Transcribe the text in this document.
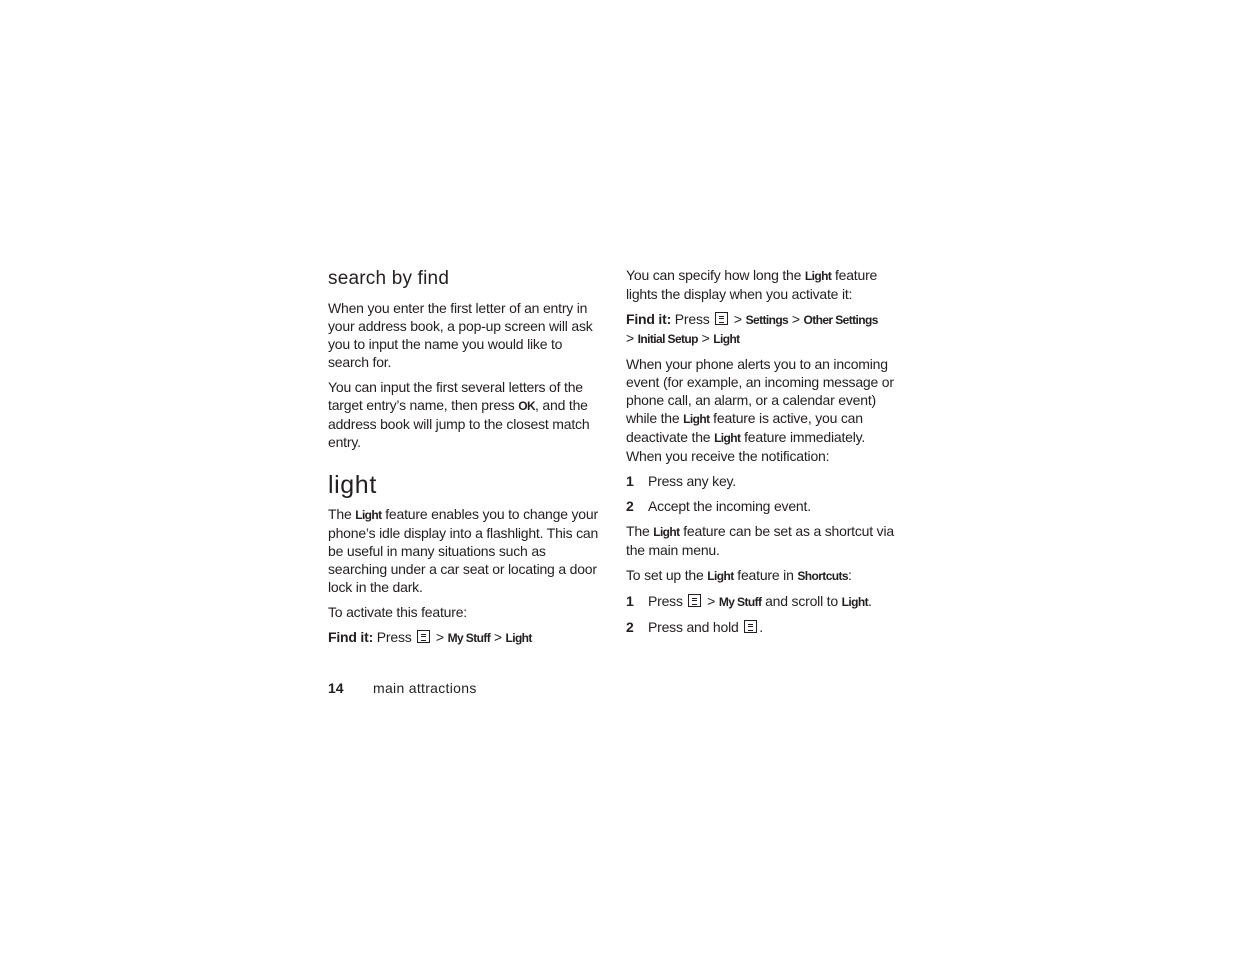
search by find

When you enter the first letter of an entry in your address book, a pop-up screen will ask you to input the name you would like to search for.

You can input the first several letters of the target entry’s name, then press OK, and the address book will jump to the closest match entry.

light

The Light feature enables you to change your phone’s idle display into a flashlight. This can be useful in many situations such as searching under a car seat or locating a door lock in the dark.

To activate this feature:

Find it: Press  > My Stuff > Light

You can specify how long the Light feature lights the display when you activate it:

Find it: Press  > Settings > Other Settings
> Initial Setup > Light

When your phone alerts you to an incoming event (for example, an incoming message or phone call, an alarm, or a calendar event) while the Light feature is active, you can deactivate the Light feature immediately. When you receive the notification:

1	Press any key.
2	Accept the incoming event.

The Light feature can be set as a shortcut via the main menu.

To set up the Light feature in Shortcuts:

1	Press  > My Stuff and scroll to Light.
2	Press and hold .
14 main attractions
